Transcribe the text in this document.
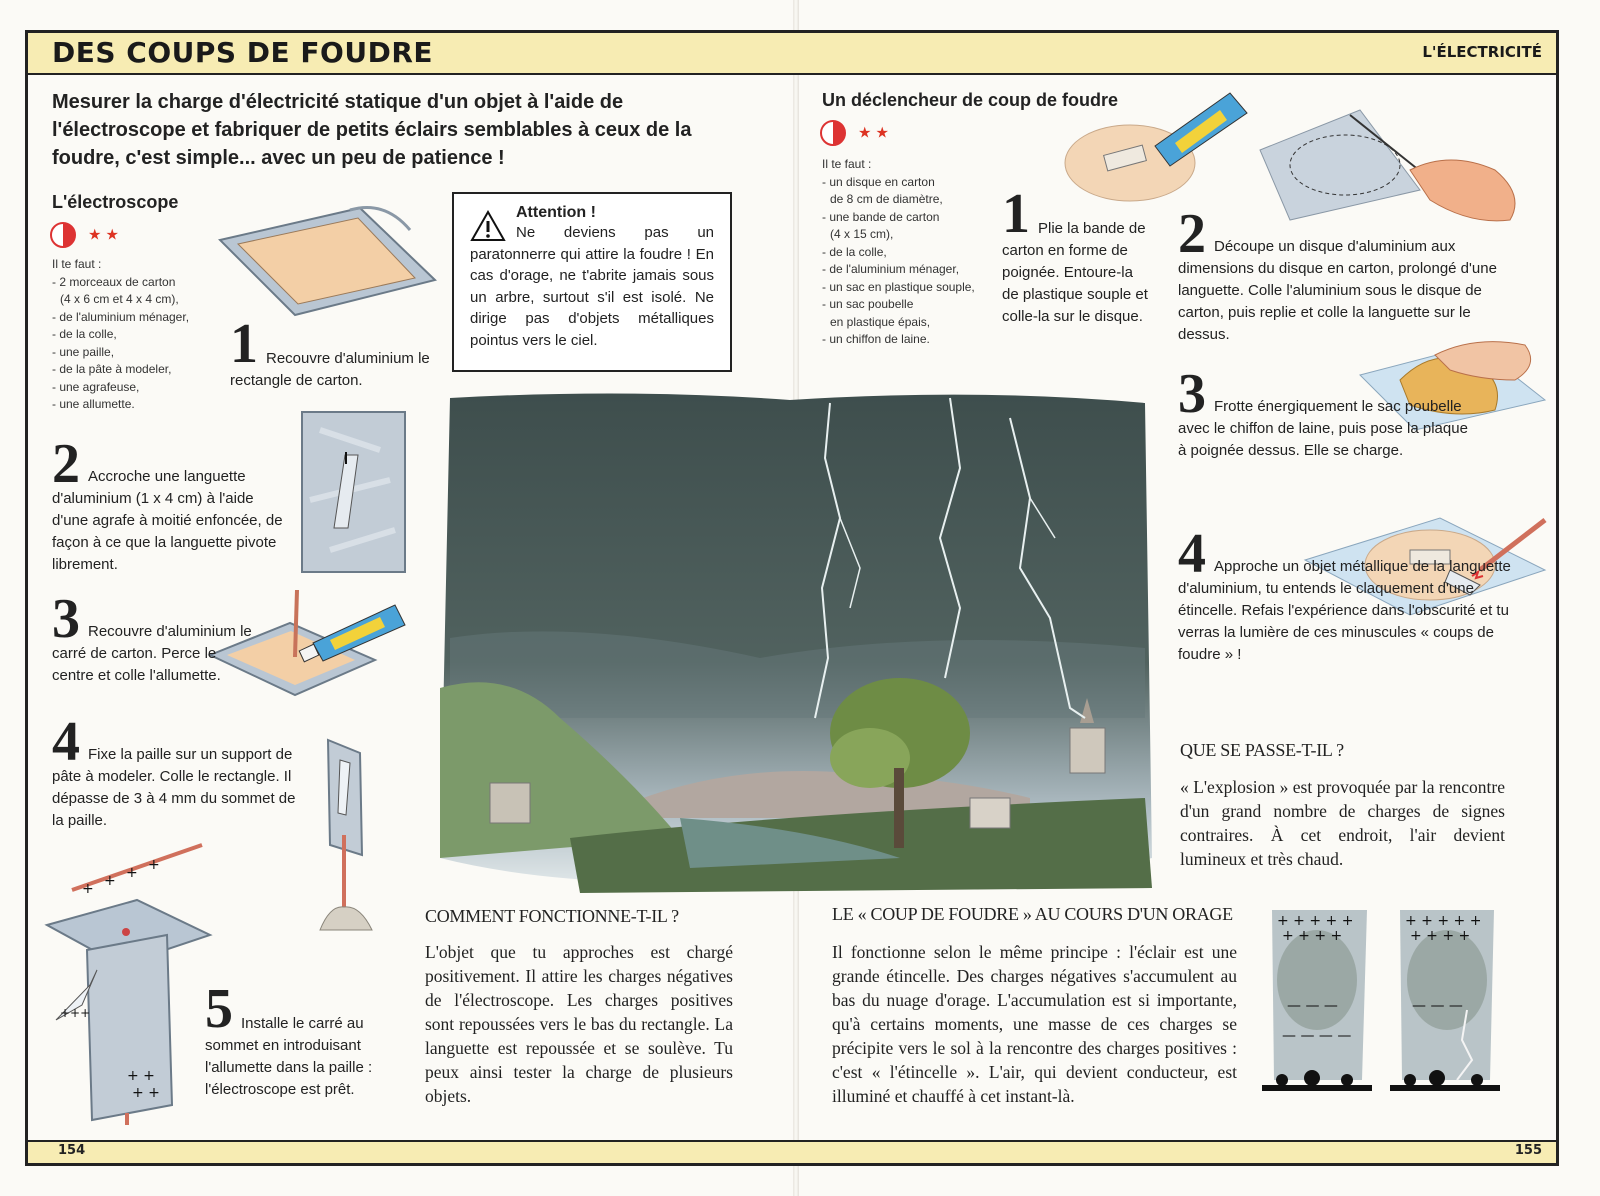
DES COUPS DE FOUDRE	L'ÉLECTRICITÉ
154	155
Mesurer la charge d'électricité statique d'un objet à l'aide de l'électroscope et fabriquer de petits éclairs semblables à ceux de la foudre, c'est simple... avec un peu de patience !
L'électroscope
★★
Il te faut :
- 2 morceaux de carton
(4 x 6 cm et 4 x 4 cm),
- de l'aluminium ménager,
- de la colle,
- une paille,
- de la pâte à modeler,
- une agrafeuse,
- une allumette.
1 Recouvre d'aluminium le rectangle de carton.
2 Accroche une languette d'aluminium (1 x 4 cm) à l'aide d'une agrafe à moitié enfoncée, de façon à ce que la languette pivote librement.
3 Recouvre d'aluminium le carré de carton. Perce le centre et colle l'allumette.
4 Fixe la paille sur un support de pâte à modeler. Colle le rectangle. Il dépasse de 3 à 4 mm du sommet de la paille.
+ + + +
+++
+ +
+ +
5 Installe le carré au sommet en introduisant l'allumette dans la paille : l'électroscope est prêt.
Attention !
Ne deviens pas un paratonnerre qui attire la foudre ! En cas d'orage, ne t'abrite jamais sous un arbre, surtout s'il est isolé. Ne dirige pas d'objets métalliques pointus vers le ciel.
COMMENT FONCTIONNE-T-IL ?
L'objet que tu approches est chargé positivement. Il attire les charges négatives de l'électroscope. Les charges positives sont repoussées vers le bas du rectangle. La languette est repoussée et se soulève. Tu peux ainsi tester la charge de plusieurs objets.
Un déclencheur de coup de foudre
★★
Il te faut :
- un disque en carton
de 8 cm de diamètre,
- une bande de carton
(4 x 15 cm),
- de la colle,
- de l'aluminium ménager,
- un sac en plastique souple,
- un sac poubelle
en plastique épais,
- un chiffon de laine.
1 Plie la bande de carton en forme de poignée. Entoure-la de plastique souple et colle-la sur le disque.
2 Découpe un disque d'aluminium aux dimensions du disque en carton, prolongé d'une languette. Colle l'aluminium sous le disque de carton, puis replie et colle la languette sur le dessus.
3 Frotte énergiquement le sac poubelle avec le chiffon de laine, puis pose la plaque à poignée dessus. Elle se charge.
4 Approche un objet métallique de la languette d'aluminium, tu entends le claquement d'une étincelle. Refais l'expérience dans l'obscurité et tu verras la lumière de ces minuscules « coups de foudre » !
QUE SE PASSE-T-IL ?
« L'explosion » est provoquée par la rencontre d'un grand nombre de charges de signes contraires. À cet endroit, l'air devient lumineux et très chaud.
LE « COUP DE FOUDRE » AU COURS D'UN ORAGE
Il fonctionne selon le même principe : l'éclair est une grande étincelle. Des charges négatives s'accumulent au bas du nuage d'orage. L'accumulation est si importante, qu'à certains moments, une masse de ces charges se précipite vers le sol à la rencontre des charges positives : c'est « l'étincelle ». L'air, qui devient conducteur, est illuminé et chauffé à cet instant-là.
+ + + + +
+ + + +
— — —
— — — —
+ + + + +
+ + + +
— — —
